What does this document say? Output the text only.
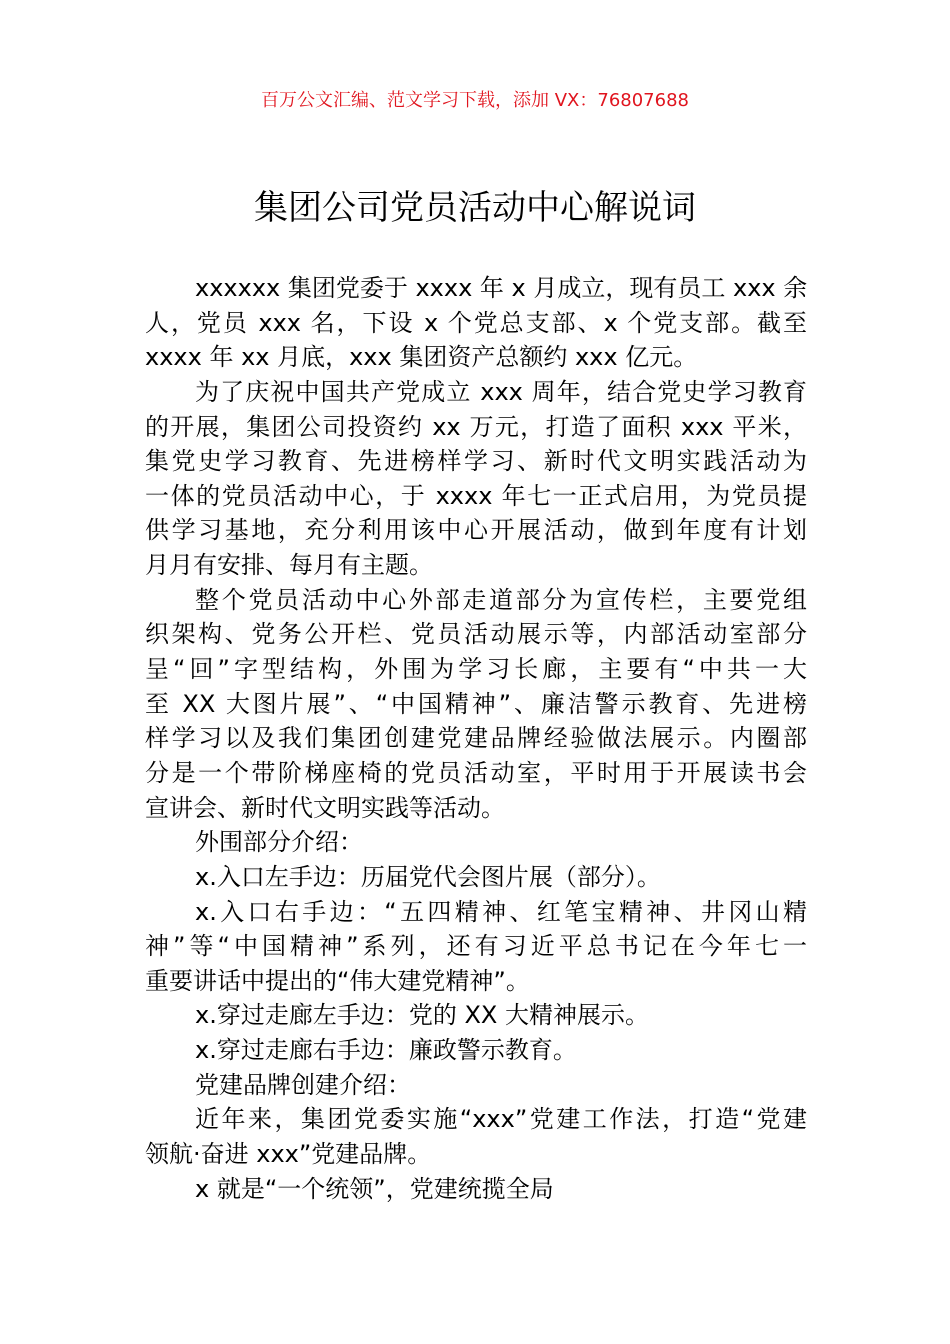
百万公文汇编、范文学习下载，添加 VX：76807688
集团公司党员活动中心解说词
xxxxxx 集团党委于 xxxx 年 x 月成立，现有员工 xxx 余
人，党员 xxx 名，下设 x 个党总支部、x 个党支部。截至
xxxx 年 xx 月底，xxx 集团资产总额约 xxx 亿元。
为了庆祝中国共产党成立 xxx 周年，结合党史学习教育
的开展，集团公司投资约 xx 万元，打造了面积 xxx 平米，
集党史学习教育、先进榜样学习、新时代文明实践活动为
一体的党员活动中心，于 xxxx 年七一正式启用，为党员提
供学习基地，充分利用该中心开展活动，做到年度有计划
月月有安排、每月有主题。
整个党员活动中心外部走道部分为宣传栏，主要党组
织架构、党务公开栏、党员活动展示等，内部活动室部分
呈“回”字型结构，外围为学习长廊，主要有“中共一大
至 XX 大图片展”、“中国精神”、廉洁警示教育、先进榜
样学习以及我们集团创建党建品牌经验做法展示。内圈部
分是一个带阶梯座椅的党员活动室，平时用于开展读书会
宣讲会、新时代文明实践等活动。
外围部分介绍：
x.入口左手边：历届党代会图片展（部分）。
x.入口右手边：“五四精神、红笔宝精神、井冈山精
神”等“中国精神”系列，还有习近平总书记在今年七一
重要讲话中提出的“伟大建党精神”。
x.穿过走廊左手边：党的 XX 大精神展示。
x.穿过走廊右手边：廉政警示教育。
党建品牌创建介绍：
近年来，集团党委实施“xxx”党建工作法，打造“党建
领航·奋进 xxx”党建品牌。
x 就是“一个统领”，党建统揽全局
